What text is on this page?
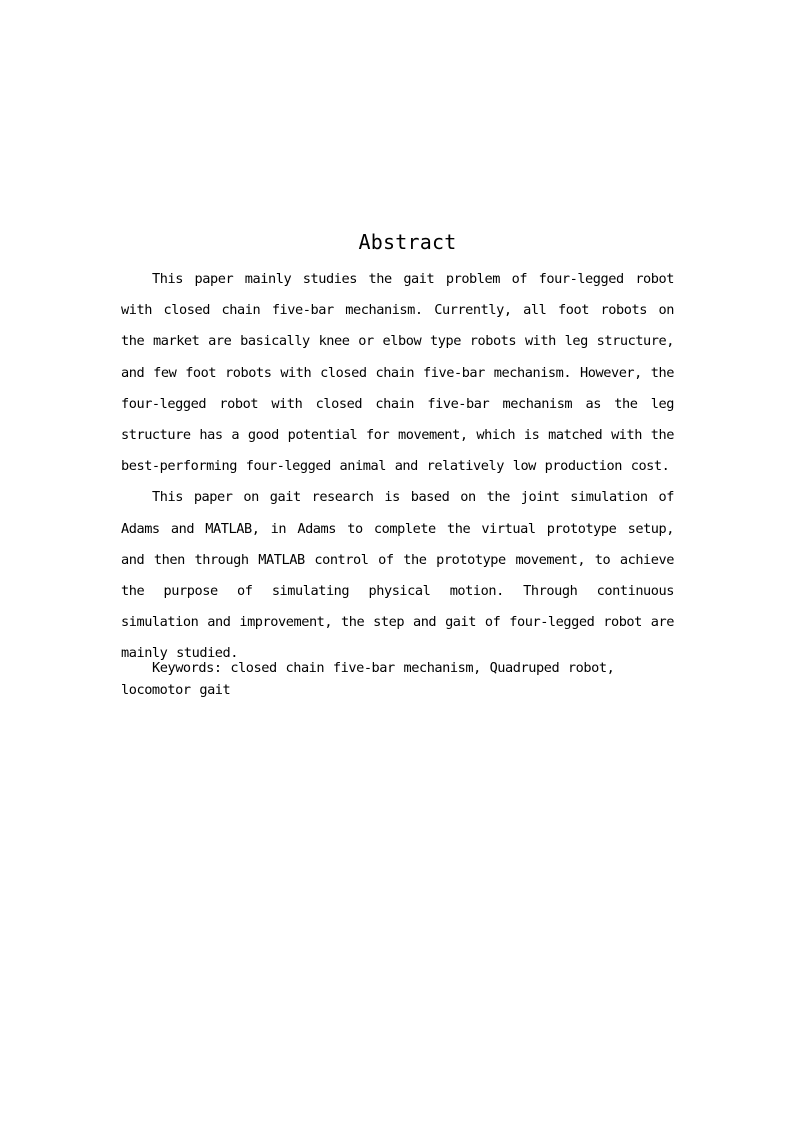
Abstract

This paper mainly studies the gait problem of four-legged robot with closed chain five-bar mechanism. Currently, all foot robots on the market are basically knee or elbow type robots with leg structure, and few foot robots with closed chain five-bar mechanism. However, the four-legged robot with closed chain five-bar mechanism as the leg structure has a good potential for movement, which is matched with the best-performing four-legged animal and relatively low production cost.

This paper on gait research is based on the joint simulation of Adams and MATLAB, in Adams to complete the virtual prototype setup, and then through MATLAB control of the prototype movement, to achieve the purpose of simulating physical motion. Through continuous simulation and improvement, the step and gait of four-legged robot are mainly studied.

Keywords: closed chain five-bar mechanism, Quadruped robot, locomotor gait
